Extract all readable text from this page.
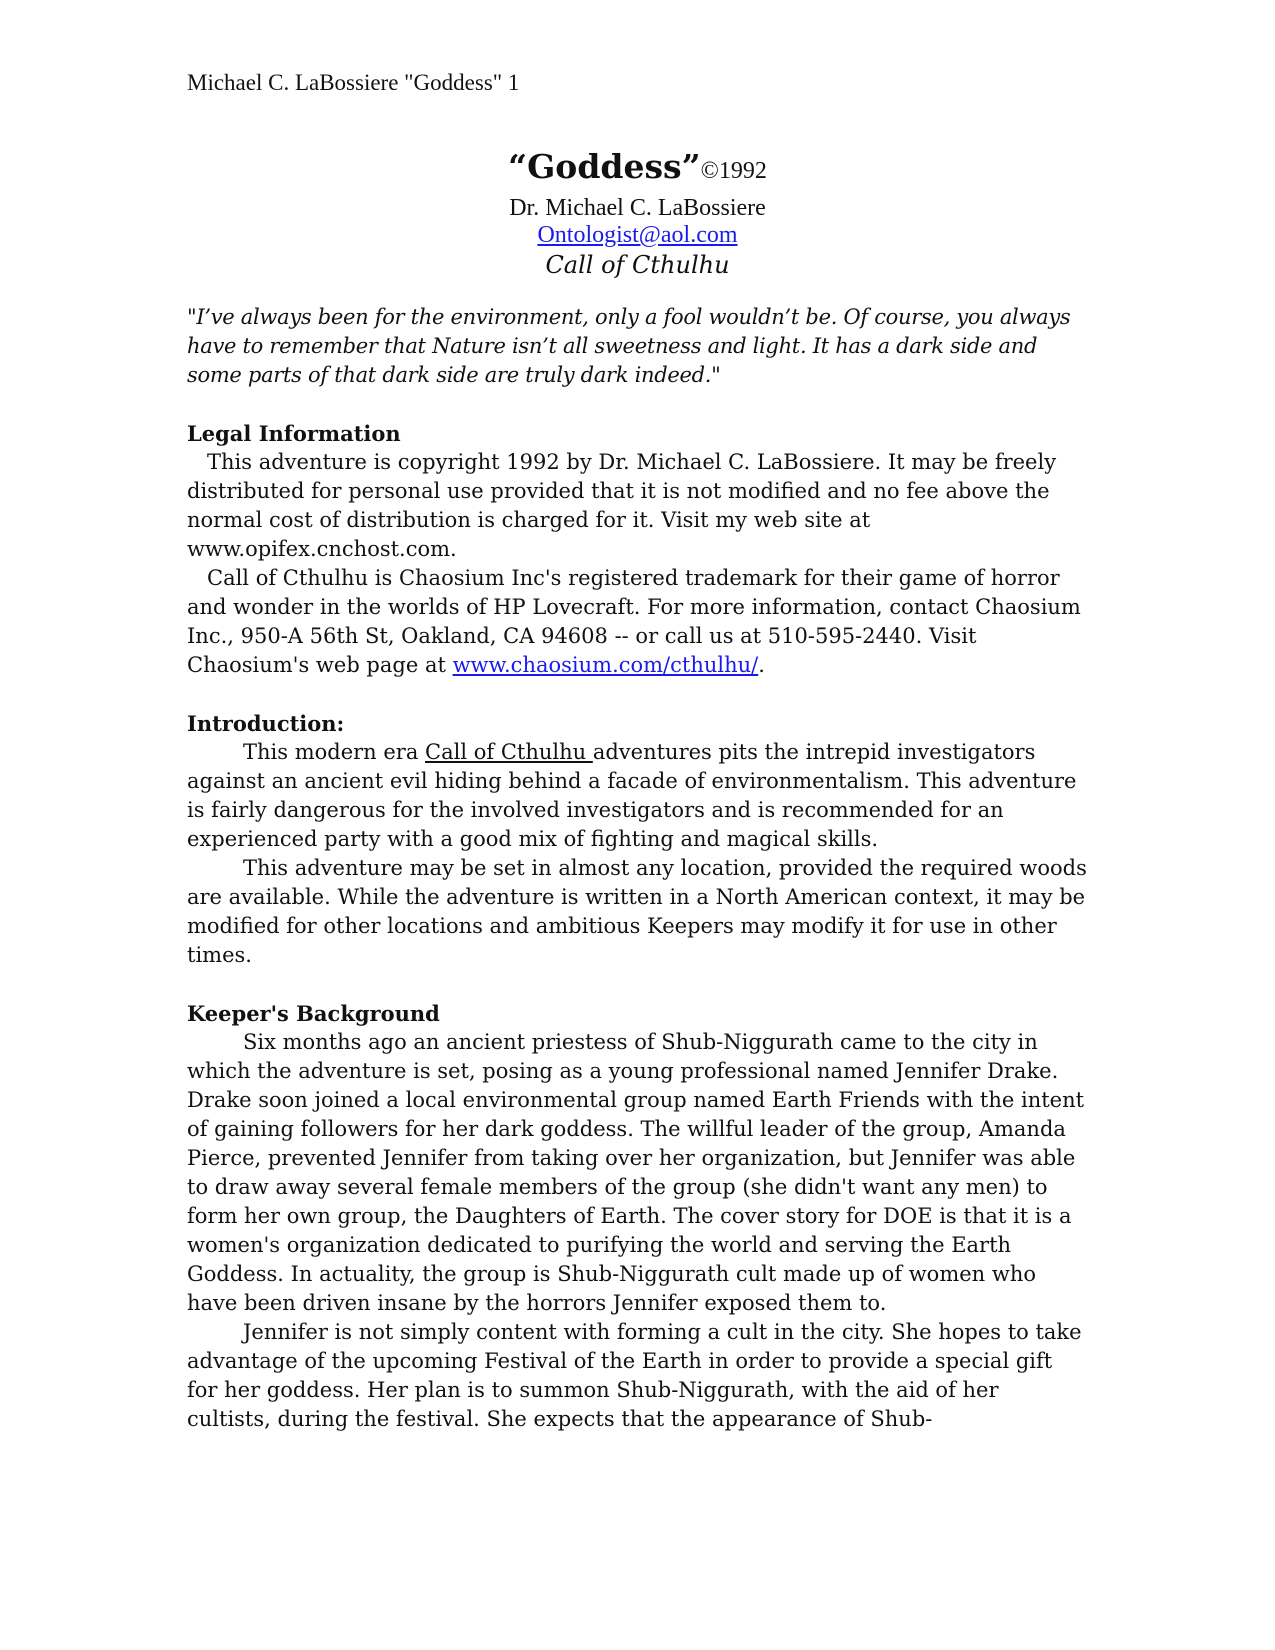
Michael C. LaBossiere "Goddess" 1

“Goddess”©1992

Dr. Michael C. LaBossiere

Ontologist@aol.com

Call of Cthulhu

"I’ve always been for the environment, only a fool wouldn’t be. Of course, you always have to remember that Nature isn’t all sweetness and light. It has a dark side and some parts of that dark side are truly dark indeed."

Legal Information

This adventure is copyright 1992 by Dr. Michael C. LaBossiere. It may be freely distributed for personal use provided that it is not modified and no fee above the normal cost of distribution is charged for it. Visit my web site at www.opifex.cnchost.com.

Call of Cthulhu is Chaosium Inc's registered trademark for their game of horror and wonder in the worlds of HP Lovecraft. For more information, contact Chaosium Inc., 950-A 56th St, Oakland, CA 94608 -- or call us at 510-595-2440. Visit Chaosium's web page at www.chaosium.com/cthulhu/.

Introduction:

This modern era Call of Cthulhu adventures pits the intrepid investigators against an ancient evil hiding behind a facade of environmentalism. This adventure is fairly dangerous for the involved investigators and is recommended for an experienced party with a good mix of fighting and magical skills.

This adventure may be set in almost any location, provided the required woods are available. While the adventure is written in a North American context, it may be modified for other locations and ambitious Keepers may modify it for use in other times.

Keeper's Background

Six months ago an ancient priestess of Shub-Niggurath came to the city in which the adventure is set, posing as a young professional named Jennifer Drake. Drake soon joined a local environmental group named Earth Friends with the intent of gaining followers for her dark goddess. The willful leader of the group, Amanda Pierce, prevented Jennifer from taking over her organization, but Jennifer was able to draw away several female members of the group (she didn't want any men) to form her own group, the Daughters of Earth. The cover story for DOE is that it is a women's organization dedicated to purifying the world and serving the Earth Goddess. In actuality, the group is Shub-Niggurath cult made up of women who have been driven insane by the horrors Jennifer exposed them to.

Jennifer is not simply content with forming a cult in the city. She hopes to take advantage of the upcoming Festival of the Earth in order to provide a special gift for her goddess. Her plan is to summon Shub-Niggurath, with the aid of her cultists, during the festival. She expects that the appearance of Shub-
